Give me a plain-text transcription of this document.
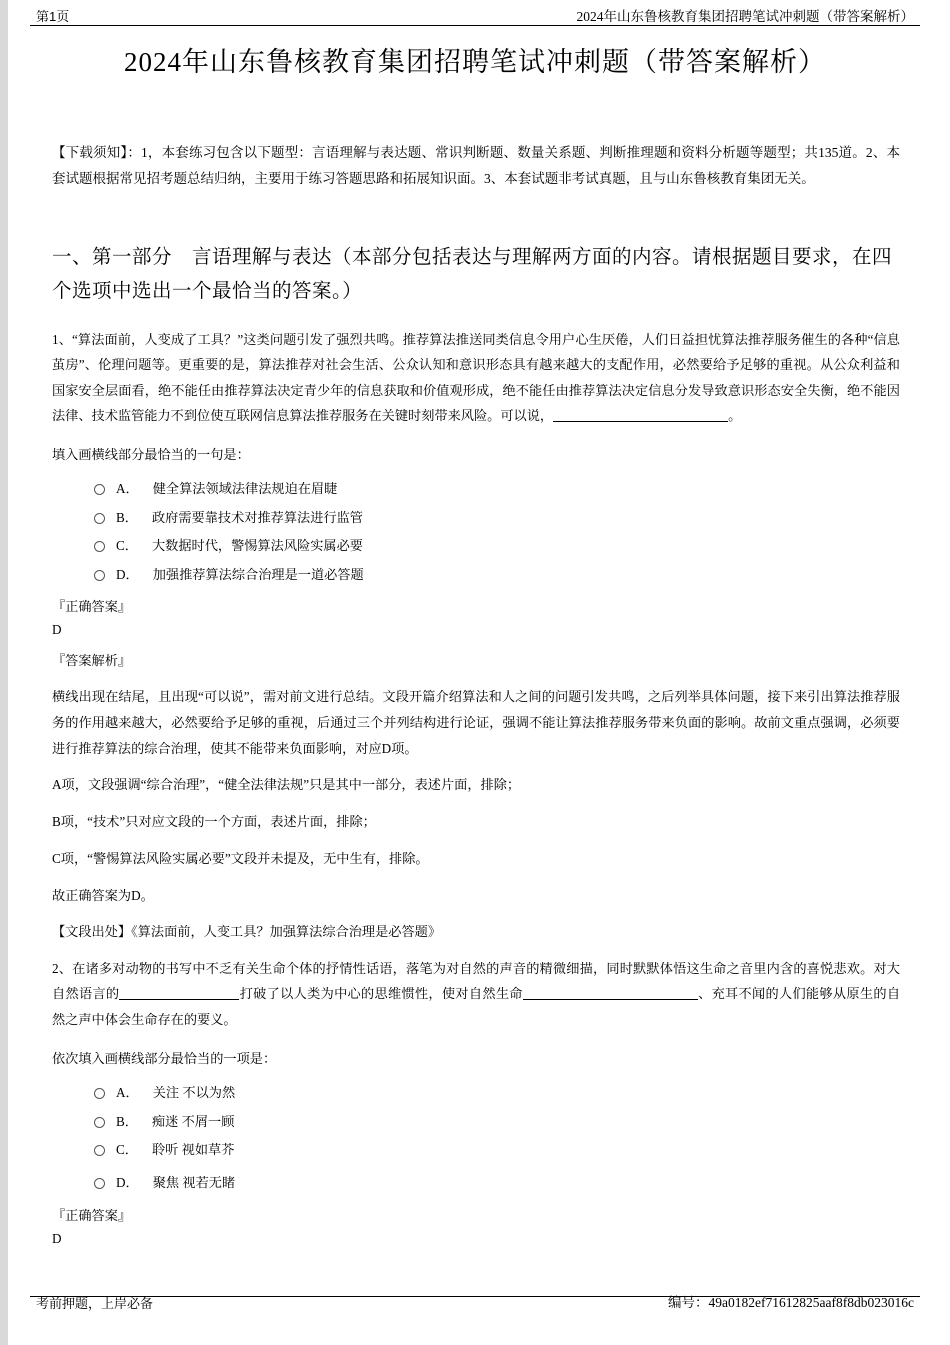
第1页	2024年山东鲁核教育集团招聘笔试冲刺题（带答案解析）
2024年山东鲁核教育集团招聘笔试冲刺题（带答案解析）
【下载须知】：1，本套练习包含以下题型：言语理解与表达题、常识判断题、数量关系题、判断推理题和资料分析题等题型；共135道。2、本套试题根据常见招考题总结归纳，主要用于练习答题思路和拓展知识面。3、本套试题非考试真题，且与山东鲁核教育集团无关。
一、第一部分　言语理解与表达（本部分包括表达与理解两方面的内容。请根据题目要求，在四个选项中选出一个最恰当的答案。）
1、“算法面前，人变成了工具？”这类问题引发了强烈共鸣。推荐算法推送同类信息令用户心生厌倦，人们日益担忧算法推荐服务催生的各种“信息茧房”、伦理问题等。更重要的是，算法推荐对社会生活、公众认知和意识形态具有越来越大的支配作用，必然要给予足够的重视。从公众利益和国家安全层面看，绝不能任由推荐算法决定青少年的信息获取和价值观形成，绝不能任由推荐算法决定信息分发导致意识形态安全失衡，绝不能因法律、技术监管能力不到位使互联网信息算法推荐服务在关键时刻带来风险。可以说，	。
填入画横线部分最恰当的一句是：
A． 健全算法领域法律法规迫在眉睫
B． 政府需要靠技术对推荐算法进行监管
C． 大数据时代，警惕算法风险实属必要
D． 加强推荐算法综合治理是一道必答题
『正确答案』
D
『答案解析』
横线出现在结尾，且出现“可以说”，需对前文进行总结。文段开篇介绍算法和人之间的问题引发共鸣，之后列举具体问题，接下来引出算法推荐服务的作用越来越大，必然要给予足够的重视，后通过三个并列结构进行论证，强调不能让算法推荐服务带来负面的影响。故前文重点强调，必须要进行推荐算法的综合治理，使其不能带来负面影响，对应D项。
A项，文段强调“综合治理”，“健全法律法规”只是其中一部分，表述片面，排除；
B项，“技术”只对应文段的一个方面，表述片面，排除；
C项，“警惕算法风险实属必要”文段并未提及，无中生有，排除。
故正确答案为D。
【文段出处】《算法面前，人变工具？加强算法综合治理是必答题》
2、在诸多对动物的书写中不乏有关生命个体的抒情性话语，落笔为对自然的声音的精微细描，同时默默体悟这生命之音里内含的喜悦悲欢。对大自然语言的	打破了以人类为中心的思维惯性，使对自然生命	、充耳不闻的人们能够从原生的自然之声中体会生命存在的要义。
依次填入画横线部分最恰当的一项是：
A． 关注 不以为然
B． 痴迷 不屑一顾
C． 聆听 视如草芥
D． 聚焦 视若无睹
『正确答案』
D
考前押题，上岸必备	编号：49a0182ef71612825aaf8f8db023016c
